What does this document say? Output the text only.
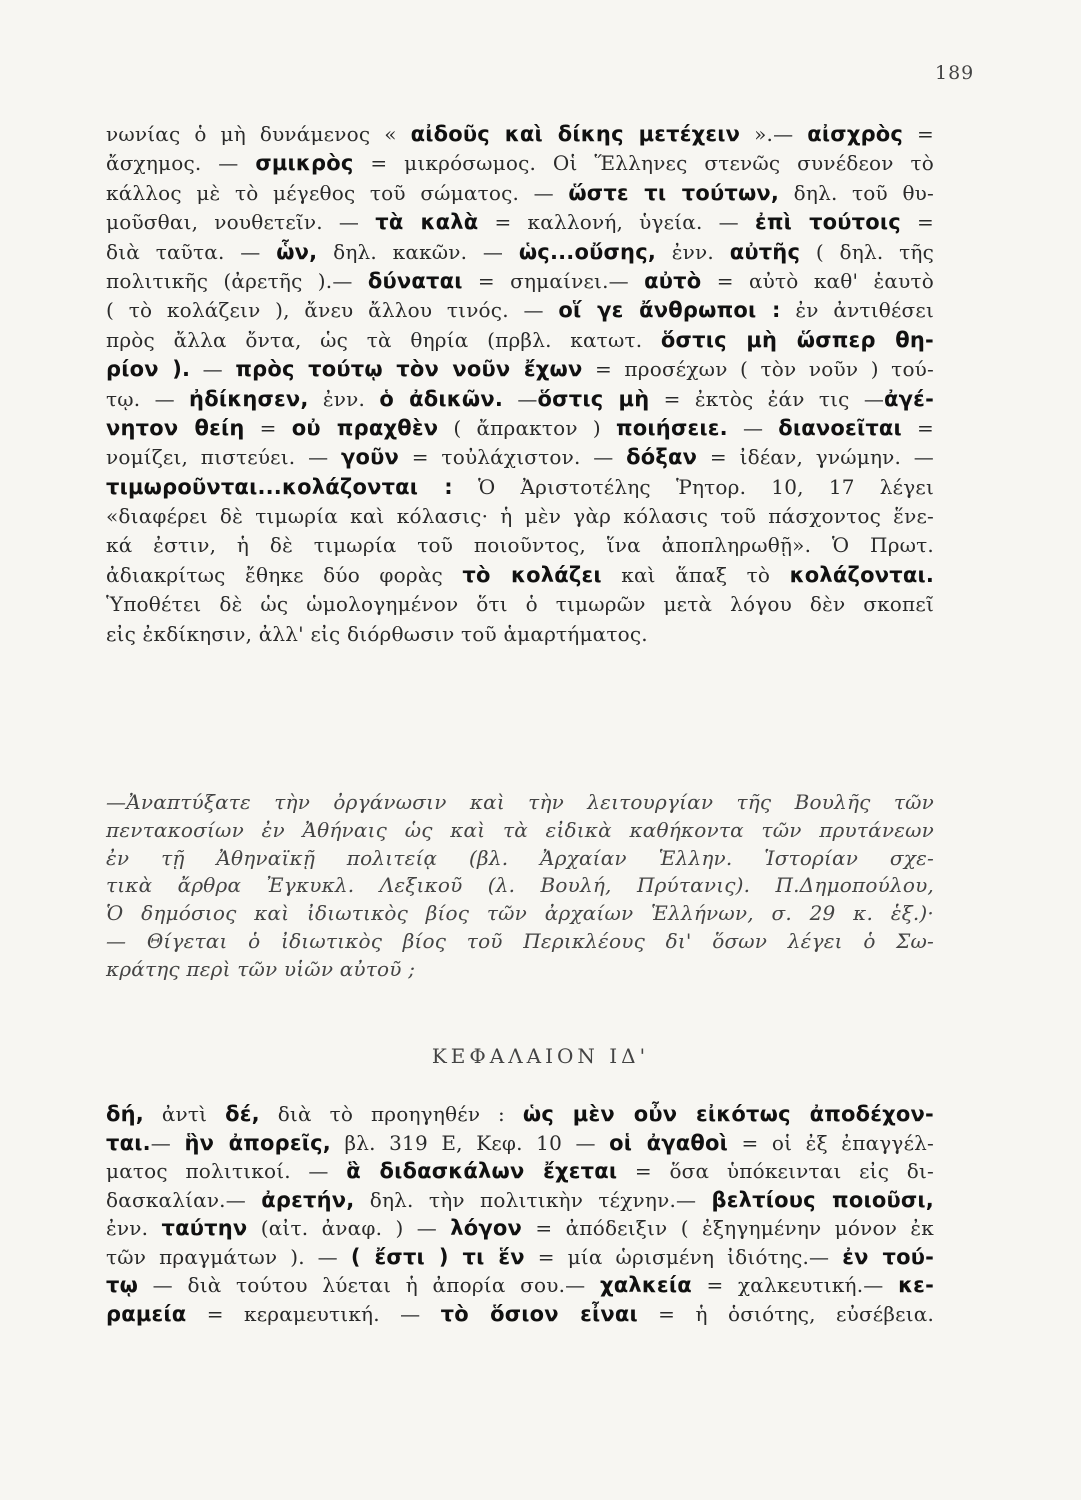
189
νωνίας ὁ μὴ δυνάμενος « αἰδοῦς καὶ δίκης μετέχειν ».— αἰσχρὸς =
ἄσχημος. — σμικρὸς = μικρόσωμος. Οἱ Ἕλληνες στενῶς συνέδεον τὸ
κάλλος μὲ τὸ μέγεθος τοῦ σώματος. — ὥστε τι τούτων, δηλ. τοῦ θυ-
μοῦσθαι, νουθετεῖν. — τὰ καλὰ = καλλονή, ὑγεία. — ἐπὶ τούτοις =
διὰ ταῦτα. — ὧν, δηλ. κακῶν. — ὡς...οὔσης, ἐνν. αὐτῆς ( δηλ. τῆς
πολιτικῆς (ἀρετῆς ).— δύναται = σημαίνει.— αὐτὸ = αὐτὸ καθ' ἑαυτὸ
( τὸ κολάζειν ), ἄνευ ἄλλου τινός. — οἵ γε ἄνθρωποι : ἐν ἀντιθέσει
πρὸς ἄλλα ὄντα, ὡς τὰ θηρία (πρβλ. κατωτ. ὅστις μὴ ὥσπερ θη-
ρίον ). — πρὸς τούτῳ τὸν νοῦν ἔχων = προσέχων ( τὸν νοῦν ) τού-
τῳ. — ἠδίκησεν, ἐνν. ὁ ἀδικῶν. —ὅστις μὴ = ἐκτὸς ἐάν τις —ἀγέ-
νητον θείη = οὐ πραχθὲν ( ἄπρακτον ) ποιήσειε. — διανοεῖται =
νομίζει, πιστεύει. — γοῦν = τοὐλάχιστον. — δόξαν = ἰδέαν, γνώμην. —
τιμωροῦνται...κολάζονται : Ὁ Ἀριστοτέλης Ῥητορ. 10, 17 λέγει
«διαφέρει δὲ τιμωρία καὶ κόλασις· ἡ μὲν γὰρ κόλασις τοῦ πάσχοντος ἕνε-
κά ἐστιν, ἡ δὲ τιμωρία τοῦ ποιοῦντος, ἵνα ἀποπληρωθῇ». Ὁ Πρωτ.
ἀδιακρίτως ἔθηκε δύο φορὰς τὸ κολάζει καὶ ἅπαξ τὸ κολάζονται.
Ὑποθέτει δὲ ὡς ὡμολογημένον ὅτι ὁ τιμωρῶν μετὰ λόγου δὲν σκοπεῖ
εἰς ἐκδίκησιν, ἀλλ' εἰς διόρθωσιν τοῦ ἁμαρτήματος.
—Ἀναπτύξατε τὴν ὀργάνωσιν καὶ τὴν λειτουργίαν τῆς Βουλῆς τῶν
πεντακοσίων ἐν Ἀθήναις ὡς καὶ τὰ εἰδικὰ καθήκοντα τῶν πρυτάνεων
ἐν τῇ Ἀθηναϊκῇ πολιτείᾳ (βλ. Ἀρχαίαν Ἑλλην. Ἱστορίαν σχε-
τικὰ ἄρθρα Ἐγκυκλ. Λεξικοῦ (λ. Βουλή, Πρύτανις). Π.Δημοπούλου,
Ὁ δημόσιος καὶ ἰδιωτικὸς βίος τῶν ἀρχαίων Ἑλλήνων, σ. 29 κ. ἑξ.)·
— Θίγεται ὁ ἰδιωτικὸς βίος τοῦ Περικλέους δι' ὅσων λέγει ὁ Σω-
κράτης περὶ τῶν υἱῶν αὐτοῦ ;
ΚΕΦΑΛΑΙΟΝ ΙΔ'
δή, ἀντὶ δέ, διὰ τὸ προηγηθέν : ὡς μὲν οὖν εἰκότως ἀποδέχον-
ται.— ἣν ἀπορεῖς, βλ. 319 Ε, Κεφ. 10 — οἱ ἀγαθοὶ = οἱ ἐξ ἐπαγγέλ-
ματος πολιτικοί. — ἃ διδασκάλων ἔχεται = ὅσα ὑπόκεινται εἰς δι-
δασκαλίαν.— ἀρετήν, δηλ. τὴν πολιτικὴν τέχνην.— βελτίους ποιοῦσι,
ἐνν. ταύτην (αἰτ. ἀναφ. ) — λόγον = ἀπόδειξιν ( ἐξηγημένην μόνον ἐκ
τῶν πραγμάτων ). — ( ἔστι ) τι ἕν = μία ὡρισμένη ἰδιότης.— ἐν τού-
τῳ — διὰ τούτου λύεται ἡ ἀπορία σου.— χαλκεία = χαλκευτική.— κε-
ραμεία = κεραμευτική. — τὸ ὅσιον εἶναι = ἡ ὁσιότης, εὐσέβεια.
